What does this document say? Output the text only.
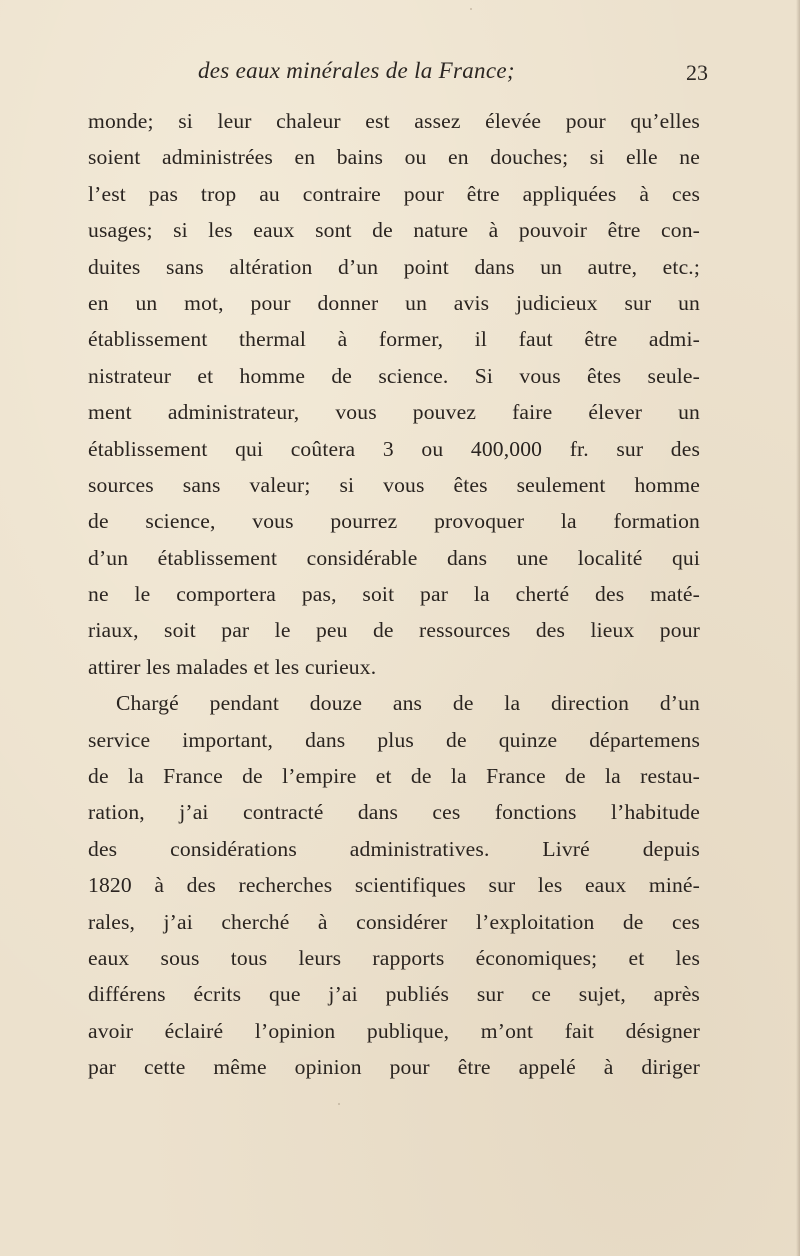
des eaux minérales de la France;	23
monde; si leur chaleur est assez élevée pour qu’elles
soient administrées en bains ou en douches; si elle ne
l’est pas trop au contraire pour être appliquées à ces
usages; si les eaux sont de nature à pouvoir être con-
duites sans altération d’un point dans un autre, etc.;
en un mot, pour donner un avis judicieux sur un
établissement thermal à former, il faut être admi-
nistrateur et homme de science. Si vous êtes seule-
ment administrateur, vous pouvez faire élever un
établissement qui coûtera 3 ou 400,000 fr. sur des
sources sans valeur; si vous êtes seulement homme
de science, vous pourrez provoquer la formation
d’un établissement considérable dans une localité qui
ne le comportera pas, soit par la cherté des maté-
riaux, soit par le peu de ressources des lieux pour
attirer les malades et les curieux.
Chargé pendant douze ans de la direction d’un
service important, dans plus de quinze départemens
de la France de l’empire et de la France de la restau-
ration, j’ai contracté dans ces fonctions l’habitude
des considérations administratives. Livré depuis
1820 à des recherches scientifiques sur les eaux miné-
rales, j’ai cherché à considérer l’exploitation de ces
eaux sous tous leurs rapports économiques; et les
différens écrits que j’ai publiés sur ce sujet, après
avoir éclairé l’opinion publique, m’ont fait désigner
par cette même opinion pour être appelé à diriger
